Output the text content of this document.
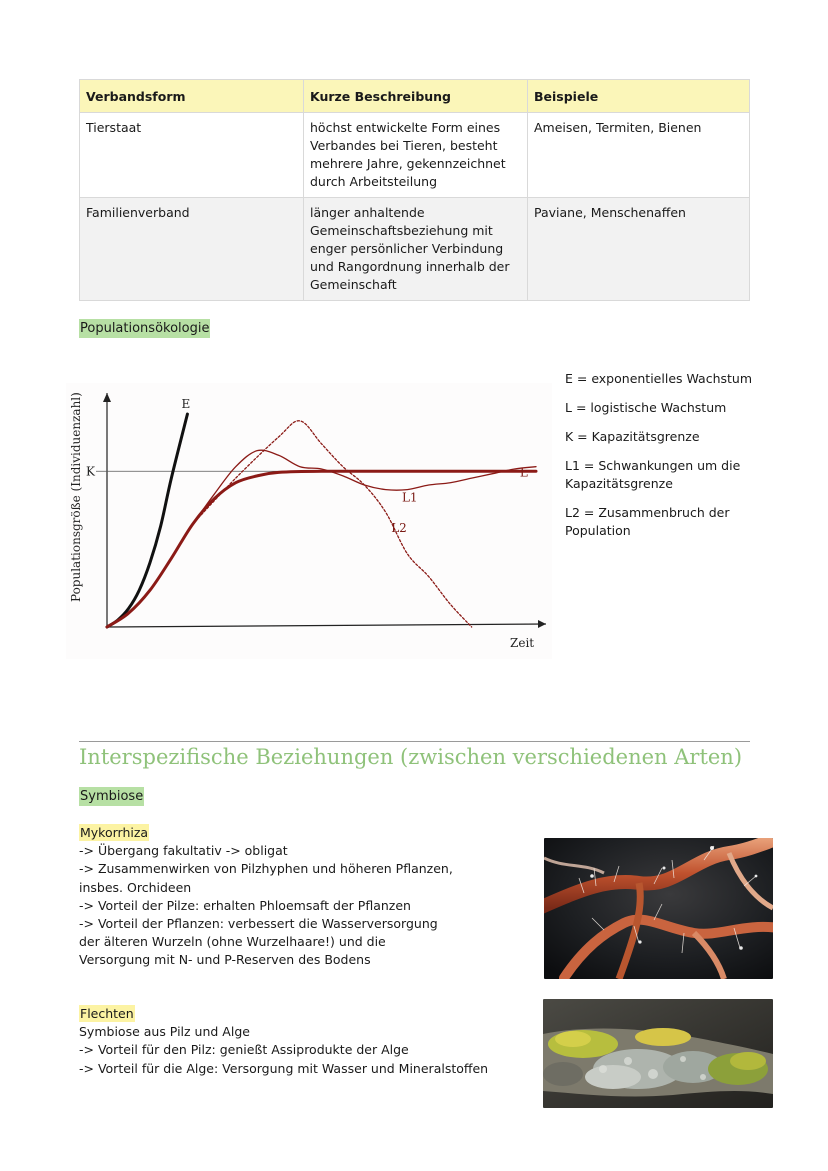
Verbandsform	Kurze Beschreibung	Beispiele
Tierstaat	höchst entwickelte Form eines
Verbandes bei Tieren, besteht
mehrere Jahre, gekennzeichnet
durch Arbeitsteilung	Ameisen, Termiten, Bienen
Familienverband	länger anhaltende
Gemeinschaftsbeziehung mit
enger persönlicher Verbindung
und Rangordnung innerhalb der
Gemeinschaft	Paviane, Menschenaffen
Populationsökologie
K
Populationsgröße (Individuenzahl)
Zeit
E
L
L1
L2

E = exponentielles Wachstum

L = logistische Wachstum

K = Kapazitätsgrenze

L1 = Schwankungen um die Kapazitätsgrenze

L2 = Zusammenbruch der Population

Interspezifische Beziehungen (zwischen verschiedenen Arten)
Symbiose
Mykorrhiza
-> Übergang fakultativ -> obligat
-> Zusammenwirken von Pilzhyphen und höheren Pflanzen,
insbes. Orchideen
-> Vorteil der Pilze: erhalten Phloemsaft der Pflanzen
-> Vorteil der Pflanzen: verbessert die Wasserversorgung
der älteren Wurzeln (ohne Wurzelhaare!) und die
Versorgung mit N- und P-Reserven des Bodens
Flechten
Symbiose aus Pilz und Alge
-> Vorteil für den Pilz: genießt Assiprodukte der Alge
-> Vorteil für die Alge: Versorgung mit Wasser und Mineralstoffen
